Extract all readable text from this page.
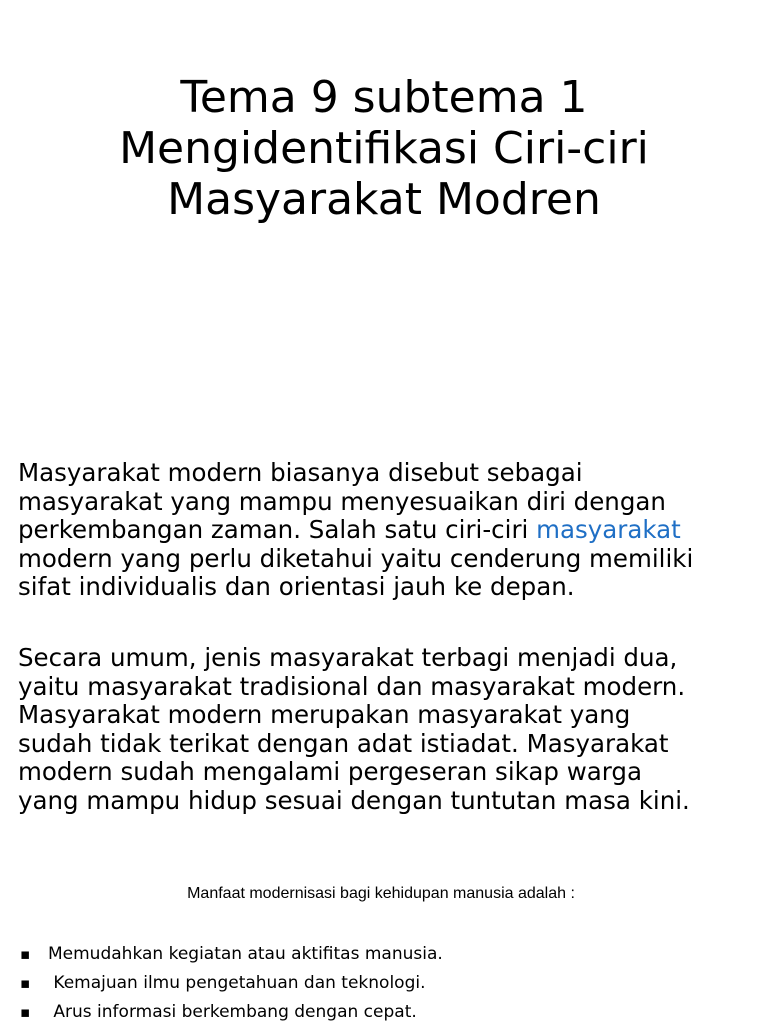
Tema 9 subtema 1
Mengidentifikasi Ciri-ciri
Masyarakat Modren

Masyarakat modern biasanya disebut sebagai
masyarakat yang mampu menyesuaikan diri dengan
perkembangan zaman. Salah satu ciri-ciri masyarakat
modern yang perlu diketahui yaitu cenderung memiliki
sifat individualis dan orientasi jauh ke depan.

Secara umum, jenis masyarakat terbagi menjadi dua,
yaitu masyarakat tradisional dan masyarakat modern.
Masyarakat modern merupakan masyarakat yang
sudah tidak terikat dengan adat istiadat. Masyarakat
modern sudah mengalami pergeseran sikap warga
yang mampu hidup sesuai dengan tuntutan masa kini.

Manfaat modernisasi bagi kehidupan manusia adalah :

▪ Memudahkan kegiatan atau aktifitas manusia.
▪ Kemajuan ilmu pengetahuan dan teknologi.
▪ Arus informasi berkembang dengan cepat.
